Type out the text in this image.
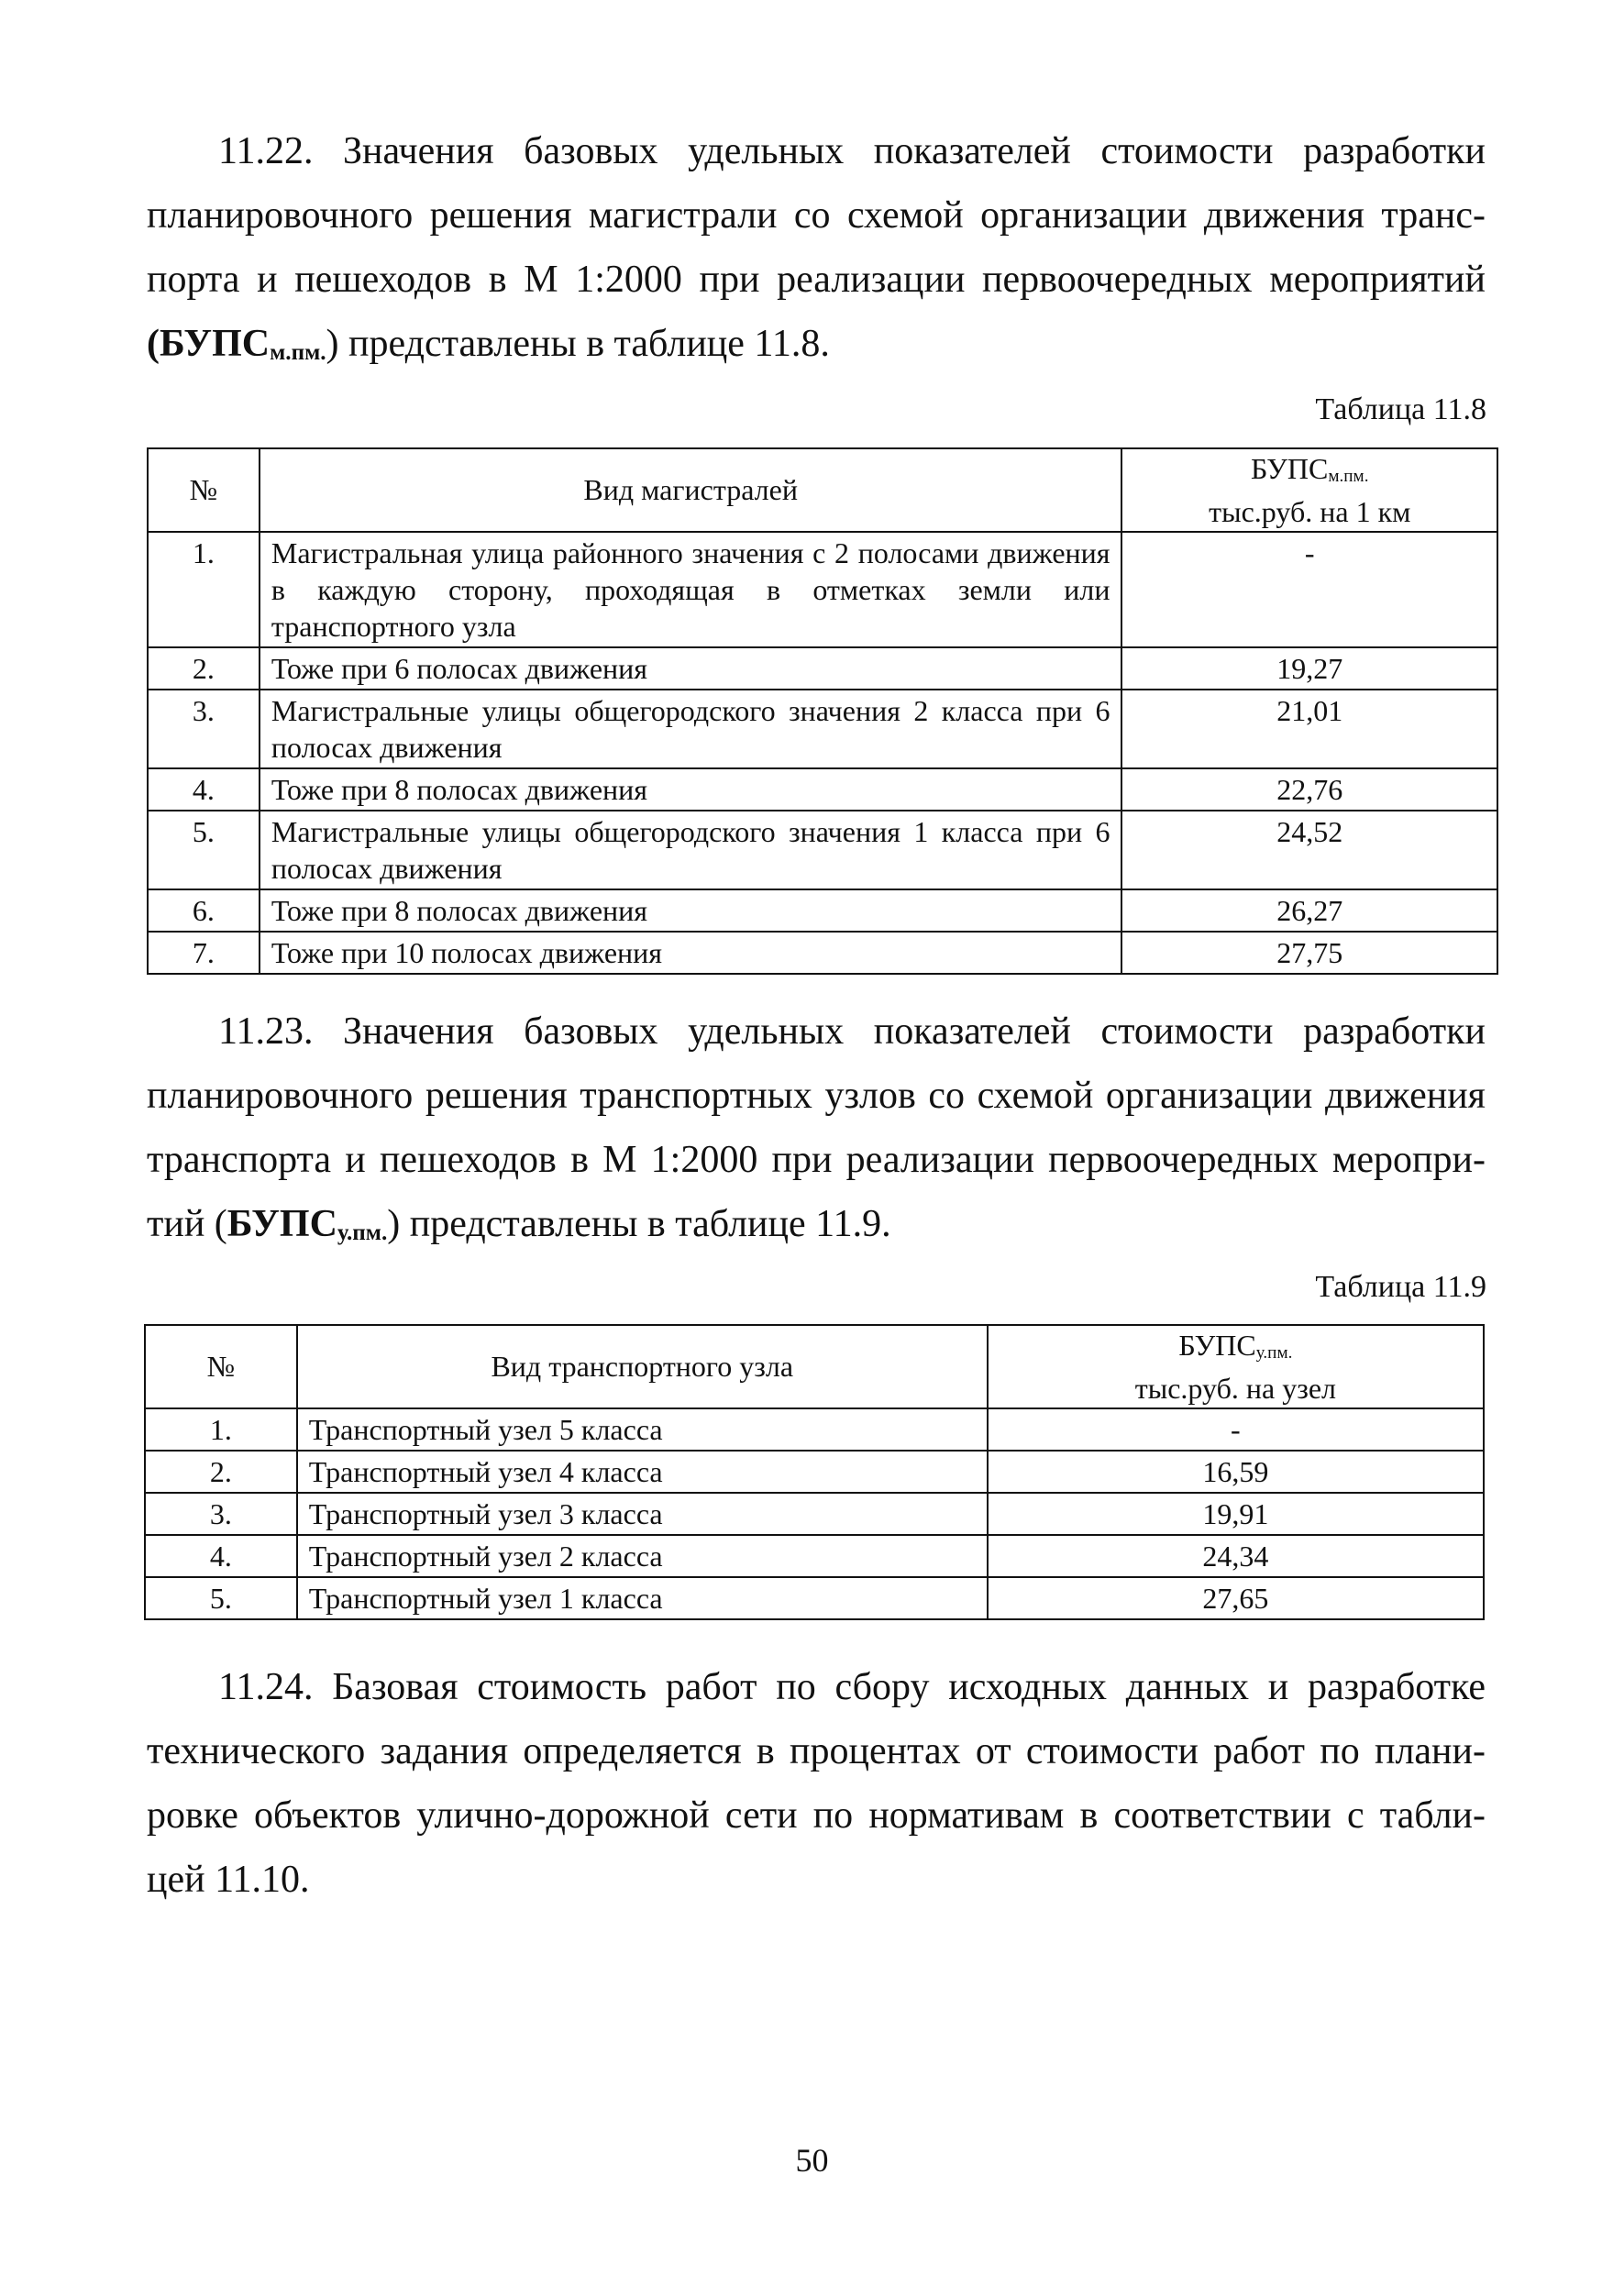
11.22. Значения базовых удельных показателей стоимости разработки
планировочного решения магистрали со схемой организации движения транс-
порта и пешеходов в М 1:2000 при реализации первоочередных мероприятий
$(БУПС_{м.пм.})$ представлены в таблице 11.8.
Таблица 11.8
№	Вид магистралей	$БУПС_{м.пм.}$
тыс.руб. на 1 км
1.	Магистральная улица районного значения с 2 полосами движения в каждую сторону, проходящая в отметках земли или транспортного узла	-
2.	Тоже при 6 полосах движения	19,27
3.	Магистральные улицы общегородского значения 2 класса при 6 полосах движения	21,01
4.	Тоже при 8 полосах движения	22,76
5.	Магистральные улицы общегородского значения 1 класса при 6 полосах движения	24,52
6.	Тоже при 8 полосах движения	26,27
7.	Тоже при 10 полосах движения	27,75
11.23. Значения базовых удельных показателей стоимости разработки
планировочного решения транспортных узлов со схемой организации движения
транспорта и пешеходов в М 1:2000 при реализации первоочередных меропри-
тий $(БУПС_{у.пм.})$ представлены в таблице 11.9.
Таблица 11.9
№	Вид транспортного узла	$БУПС_{у.пм.}$
тыс.руб. на узел
1.	Транспортный узел 5 класса	-
2.	Транспортный узел 4 класса	16,59
3.	Транспортный узел 3 класса	19,91
4.	Транспортный узел 2 класса	24,34
5.	Транспортный узел 1 класса	27,65
11.24. Базовая стоимость работ по сбору исходных данных и разработке
технического задания определяется в процентах от стоимости работ по плани-
ровке объектов улично-дорожной сети по нормативам в соответствии с табли-
цей 11.10.
50
